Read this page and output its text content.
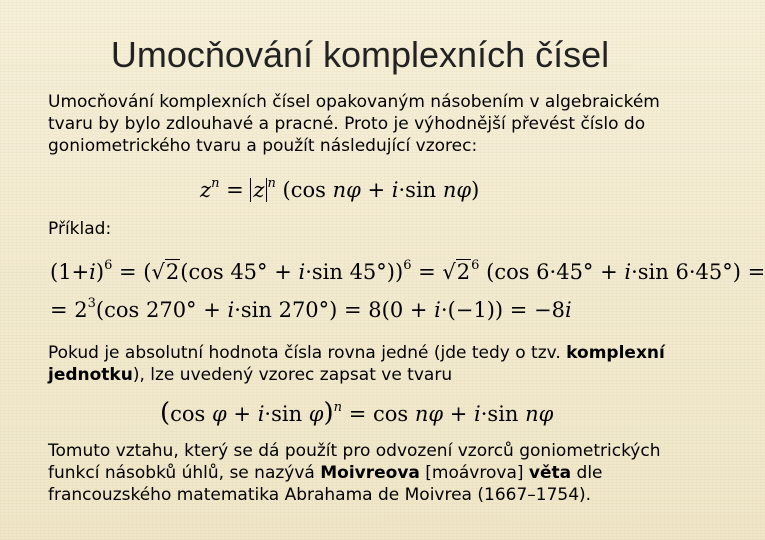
Umocňování komplexních čísel
Umocňování komplexních čísel opakovaným násobením v algebraickém tvaru by bylo zdlouhavé a pracné. Proto je výhodnější převést číslo do goniometrického tvaru a použít následující vzorec:
$z^n = z$ $^n$ (cos nφ + i·sin nφ)
Příklad:
$(1+i)^6 = (√2(\cos$ 45° + i·sin $45^\circ))^6 = √2^6$ (cos 6·45° + i·sin 6·45°) =
= $2^3(\cos$ 270° + i·sin 270°) = 8(0 + i·(−1)) = −8i
Pokud je absolutní hodnota čísla rovna jedné (jde tedy o tzv. komplexní jednotku), lze uvedený vzorec zapsat ve tvaru
(cos φ + i·sin φ)$^n$ = cos nφ + i·sin nφ
Tomuto vztahu, který se dá použít pro odvození vzorců goniometrických funkcí násobků úhlů, se nazývá Moivreova [moávrova] věta dle francouzského matematika Abrahama de Moivrea (1667–1754).
